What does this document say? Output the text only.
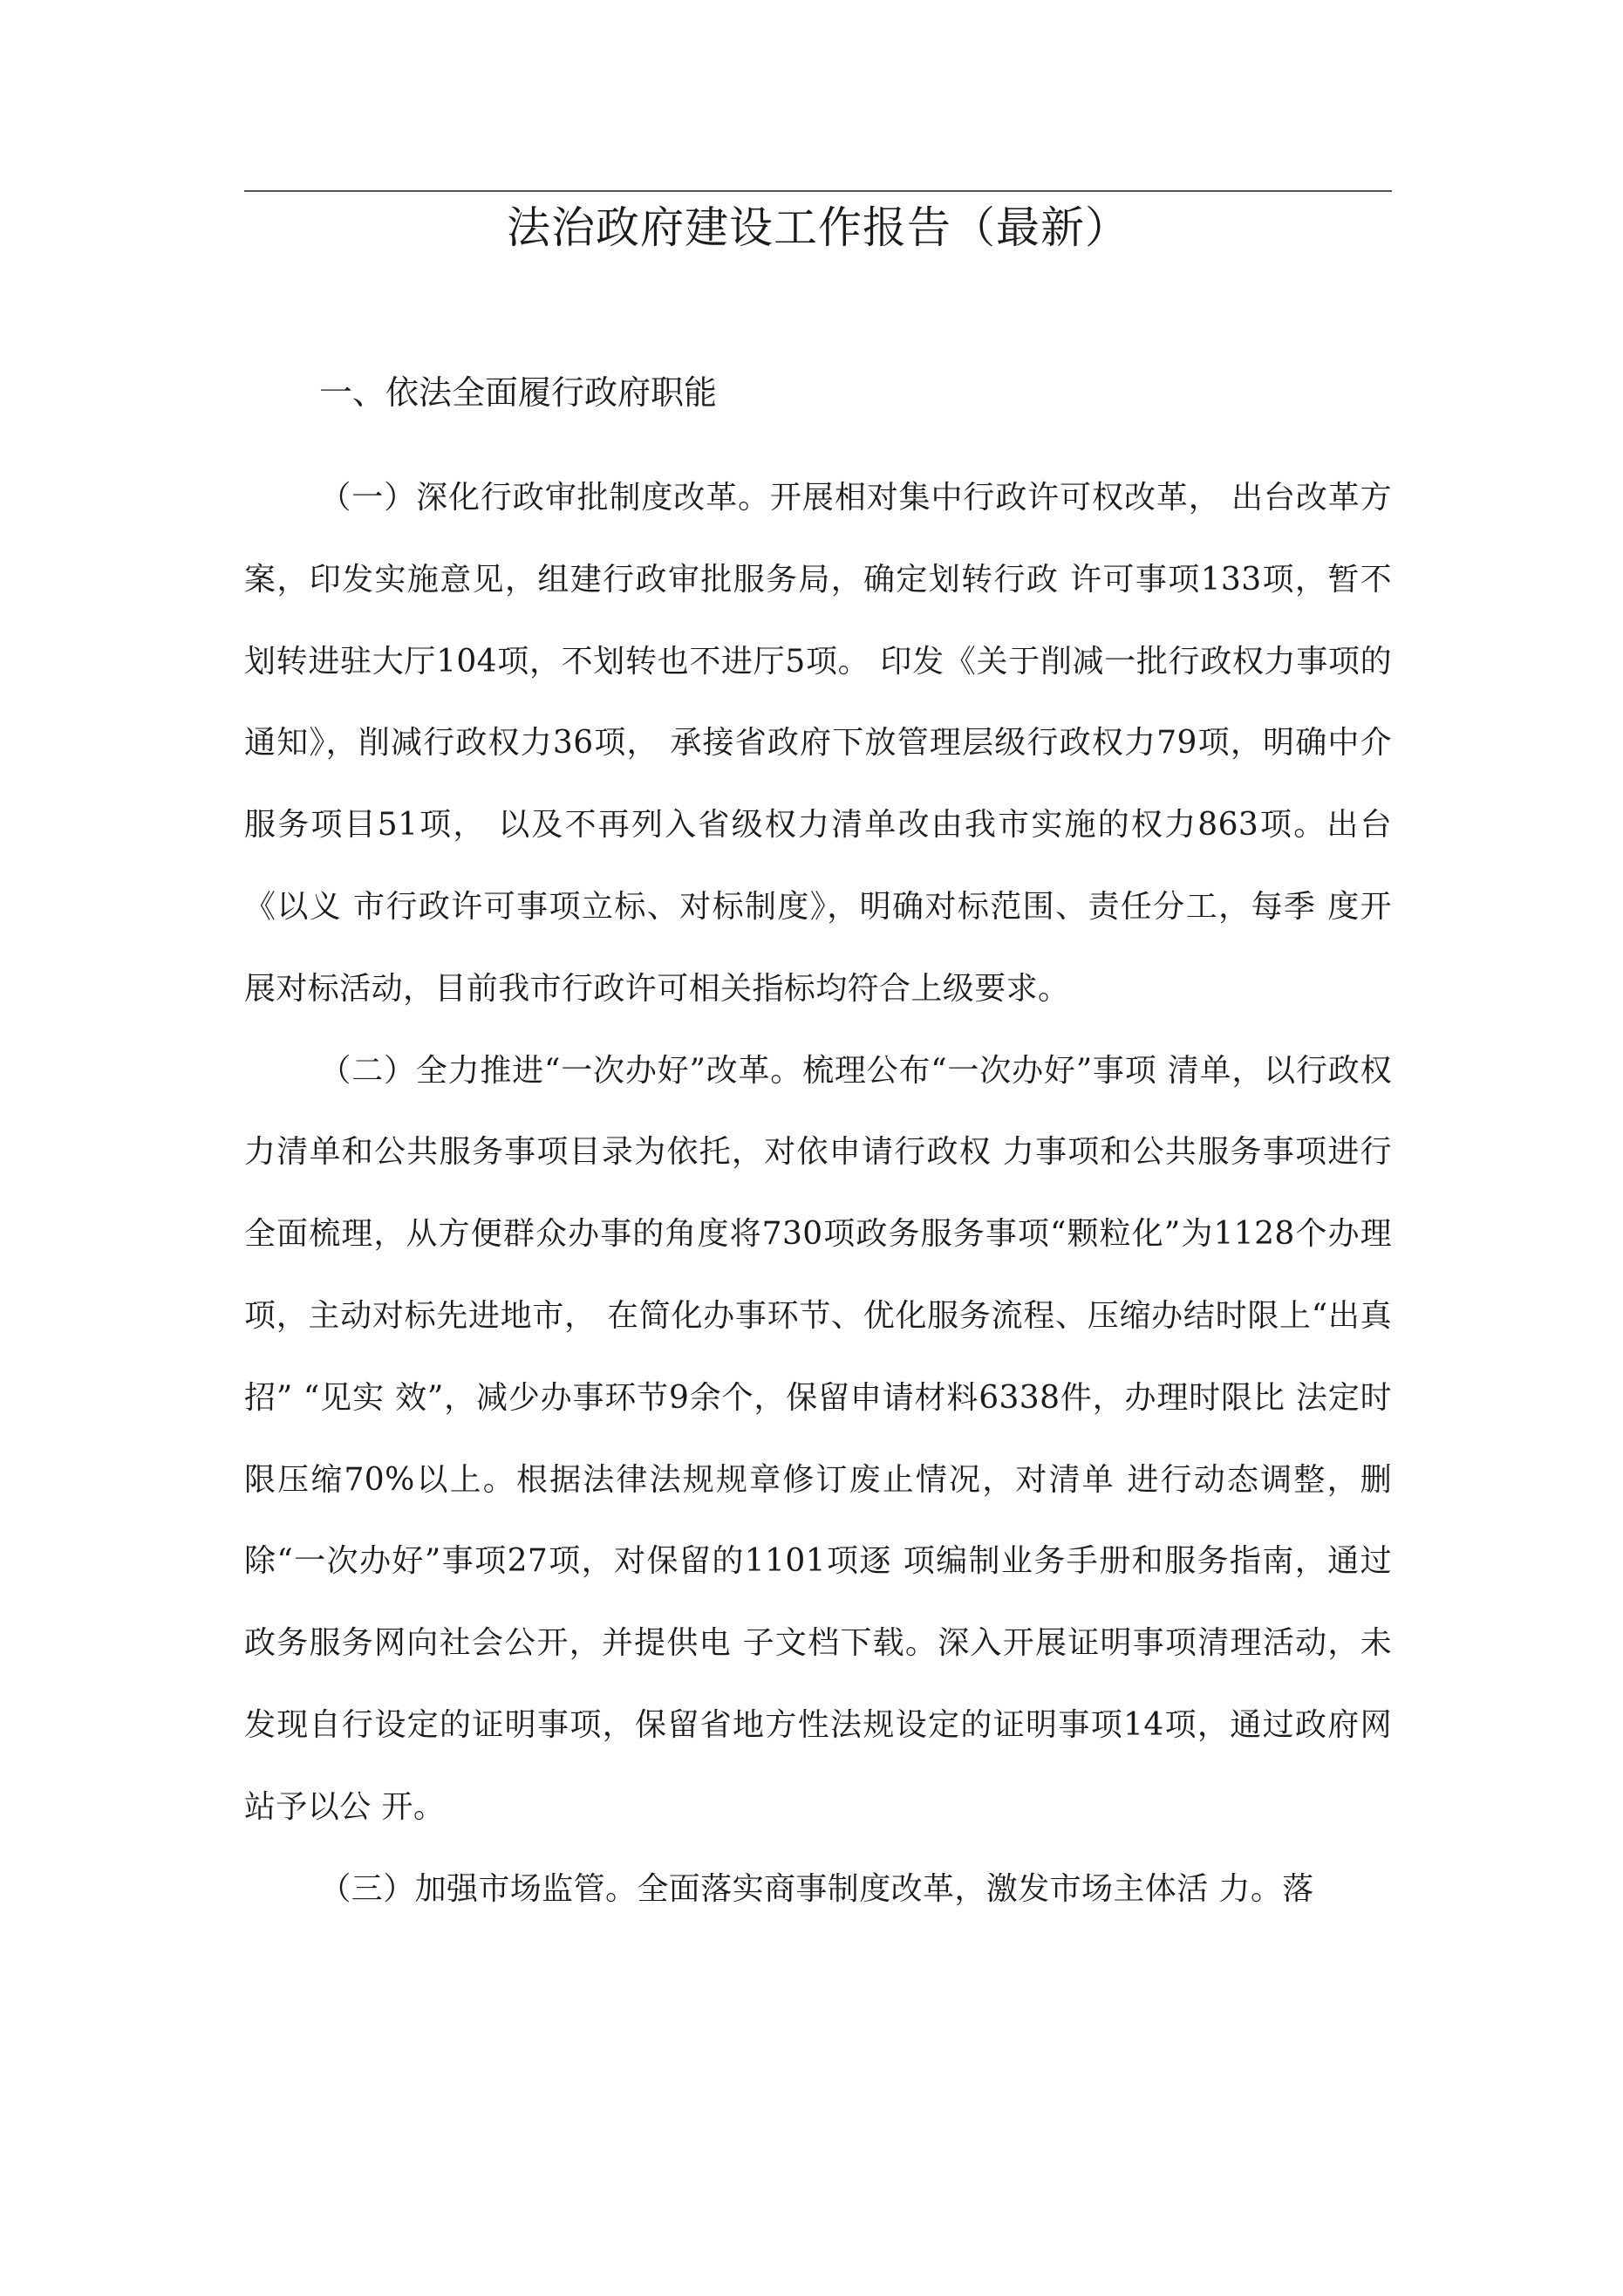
法治政府建设工作报告（最新）
一、依法全面履行政府职能

（一）深化行政审批制度改革。开展相对集中行政许可权改革， 出台改革方案，印发实施意见，组建行政审批服务局，确定划转行政 许可事项133项，暂不划转进驻大厅104项，不划转也不进厅5项。 印发《关于削减一批行政权力事项的通知》，削减行政权力36项， 承接省政府下放管理层级行政权力79项，明确中介服务项目51项， 以及不再列入省级权力清单改由我市实施的权力863项。出台《以义 市行政许可事项立标、对标制度》，明确对标范围、责任分工，每季 度开展对标活动，目前我市行政许可相关指标均符合上级要求。

（二）全力推进“一次办好”改革。梳理公布“一次办好”事项 清单，以行政权力清单和公共服务事项目录为依托，对依申请行政权 力事项和公共服务事项进行全面梳理，从方便群众办事的角度将730项政务服务事项“颗粒化”为1128个办理项，主动对标先进地市， 在简化办事环节、优化服务流程、压缩办结时限上“出真招” “见实 效”，减少办事环节9余个，保留申请材料6338件，办理时限比 法定时限压缩70%以上。根据法律法规规章修订废止情况，对清单 进行动态调整，删除“一次办好”事项27项，对保留的1101项逐 项编制业务手册和服务指南，通过政务服务网向社会公开，并提供电 子文档下载。深入开展证明事项清理活动，未发现自行设定的证明事项，保留省地方性法规设定的证明事项14项，通过政府网站予以公 开。

（三）加强市场监管。全面落实商事制度改革，激发市场主体活 力。落
